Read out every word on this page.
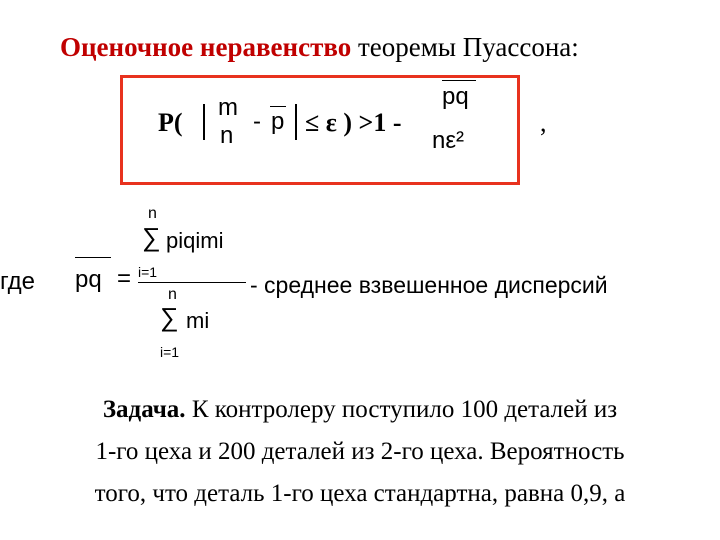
Оценочное неравенство теоремы Пуассона:
P(
m
n
- p ≤ ε ) >1 -
pq
nε²
,
n
∑ piqimi
где pq = i=1	- среднее взвешенное дисперсий
n
∑ mi
i=1
Задача. К контролеру поступило 100 деталей из
1-го цеха и 200 деталей из 2-го цеха. Вероятность
того, что деталь 1-го цеха стандартна, равна 0,9, а
